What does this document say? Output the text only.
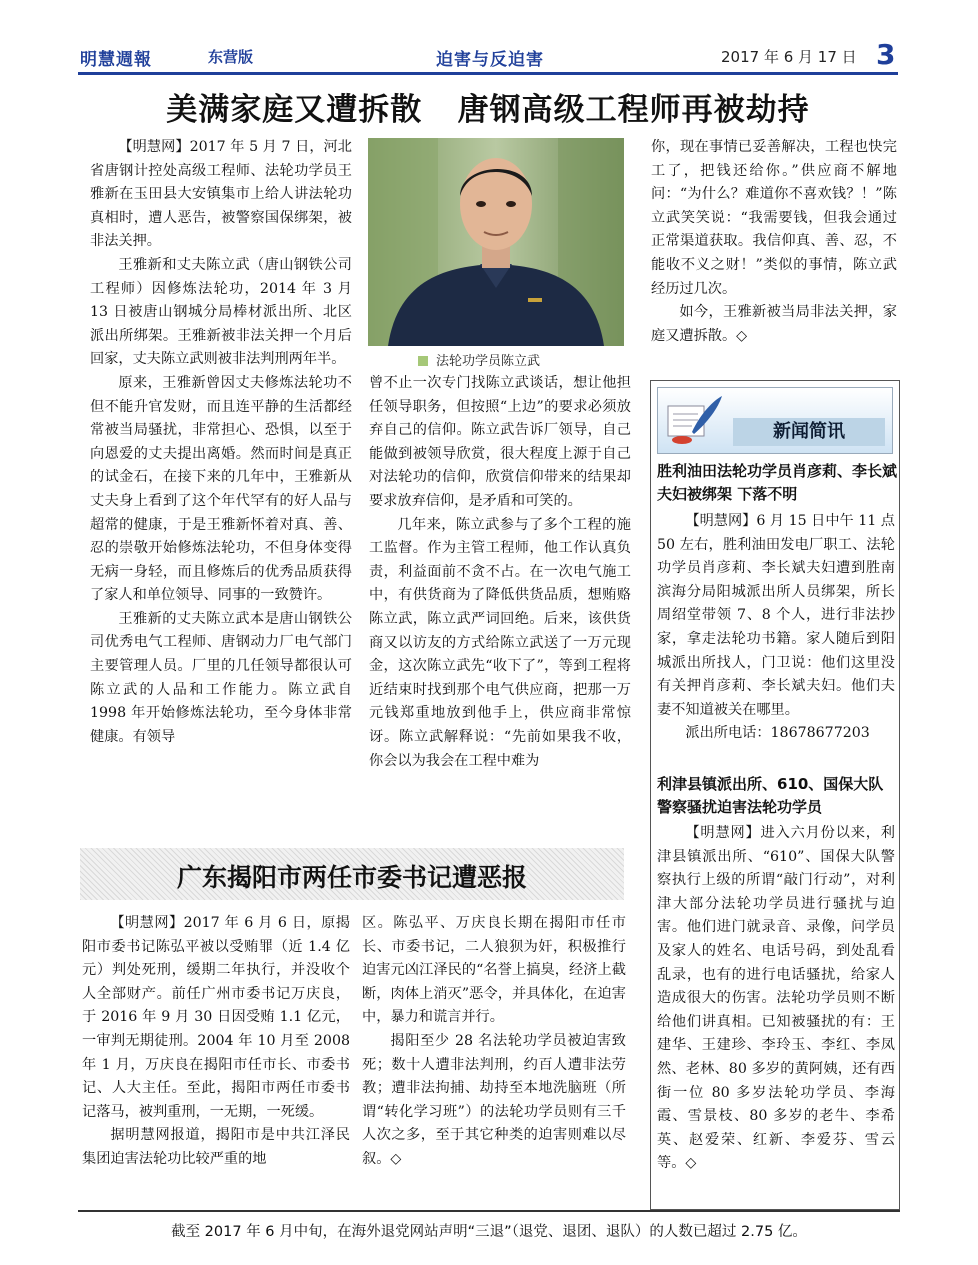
明慧週報	东营版	迫害与反迫害	2017 年 6 月 17 日 3
美满家庭又遭拆散   唐钢高级工程师再被劫持

【明慧网】2017 年 5 月 7 日，河北省唐钢计控处高级工程师、法轮功学员王雅新在玉田县大安镇集市上给人讲法轮功真相时，遭人恶告，被警察国保绑架，被非法关押。

王雅新和丈夫陈立武（唐山钢铁公司工程师）因修炼法轮功，2014 年 3 月 13 日被唐山钢城分局棒材派出所、北区派出所绑架。王雅新被非法关押一个月后回家，丈夫陈立武则被非法判刑两年半。

原来，王雅新曾因丈夫修炼法轮功不但不能升官发财，而且连平静的生活都经常被当局骚扰，非常担心、恐惧，以至于向恩爱的丈夫提出离婚。然而时间是真正的试金石，在接下来的几年中，王雅新从丈夫身上看到了这个年代罕有的好人品与超常的健康，于是王雅新怀着对真、善、忍的崇敬开始修炼法轮功，不但身体变得无病一身轻，而且修炼后的优秀品质获得了家人和单位领导、同事的一致赞许。

王雅新的丈夫陈立武本是唐山钢铁公司优秀电气工程师、唐钢动力厂电气部门主要管理人员。厂里的几任领导都很认可陈立武的人品和工作能力。陈立武自 1998 年开始修炼法轮功，至今身体非常健康。有领导

法轮功学员陈立武

曾不止一次专门找陈立武谈话，想让他担任领导职务，但按照“上边”的要求必须放弃自己的信仰。陈立武告诉厂领导，自己能做到被领导欣赏，很大程度上源于自己对法轮功的信仰，欣赏信仰带来的结果却要求放弃信仰，是矛盾和可笑的。

几年来，陈立武参与了多个工程的施工监督。作为主管工程师，他工作认真负责，利益面前不贪不占。在一次电气施工中，有供货商为了降低供货品质，想贿赂陈立武，陈立武严词回绝。后来，该供货商又以访友的方式给陈立武送了一万元现金，这次陈立武先“收下了”，等到工程将近结束时找到那个电气供应商，把那一万元钱郑重地放到他手上，供应商非常惊讶。陈立武解释说：“先前如果我不收，你会以为我会在工程中难为

你，现在事情已妥善解决，工程也快完工了，把钱还给你。”供应商不解地问：“为什么？难道你不喜欢钱？！”陈立武笑笑说：“我需要钱，但我会通过正常渠道获取。我信仰真、善、忍，不能收不义之财！”类似的事情，陈立武经历过几次。

如今，王雅新被当局非法关押，家庭又遭拆散。◇

广东揭阳市两任市委书记遭恶报

【明慧网】2017 年 6 月 6 日，原揭阳市委书记陈弘平被以受贿罪（近 1.4 亿元）判处死刑，缓期二年执行，并没收个人全部财产。前任广州市委书记万庆良，于 2016 年 9 月 30 日因受贿 1.1 亿元，一审判无期徒刑。2004 年 10 月至 2008 年 1 月，万庆良在揭阳市任市长、市委书记、人大主任。至此，揭阳市两任市委书记落马，被判重刑，一无期，一死缓。

据明慧网报道，揭阳市是中共江泽民集团迫害法轮功比较严重的地

区。陈弘平、万庆良长期在揭阳市任市长、市委书记，二人狼狈为奸，积极推行迫害元凶江泽民的“名誉上搞臭，经济上截断，肉体上消灭”恶令，并具体化，在迫害中，暴力和谎言并行。

揭阳至少 28 名法轮功学员被迫害致死；数十人遭非法判刑，约百人遭非法劳教；遭非法拘捕、劫持至本地洗脑班（所谓“转化学习班”）的法轮功学员则有三千人次之多，至于其它种类的迫害则难以尽叙。◇

新闻简讯
胜利油田法轮功学员肖彦莉、李长斌夫妇被绑架 下落不明

【明慧网】6 月 15 日中午 11 点 50 左右，胜利油田发电厂职工、法轮功学员肖彦莉、李长斌夫妇遭到胜南滨海分局阳城派出所人员绑架，所长周绍堂带领 7、8 个人，进行非法抄家，拿走法轮功书籍。家人随后到阳城派出所找人，门卫说：他们这里没有关押肖彦莉、李长斌夫妇。他们夫妻不知道被关在哪里。

派出所电话：18678677203

利津县镇派出所、610、国保大队警察骚扰迫害法轮功学员

【明慧网】进入六月份以来，利津县镇派出所、“610”、国保大队警察执行上级的所谓“敲门行动”，对利津大部分法轮功学员进行骚扰与迫害。他们进门就录音、录像，问学员及家人的姓名、电话号码，到处乱看乱录，也有的进行电话骚扰，给家人造成很大的伤害。法轮功学员则不断给他们讲真相。已知被骚扰的有：王建华、王建珍、李玲玉、李红、李凤然、老林、80 多岁的黄阿姨，还有西街一位 80 多岁法轮功学员、李海霞、雪景枝、80 多岁的老牛、李希英、赵爱荣、红新、李爱芬、雪云等。◇

截至 2017 年 6 月中旬，在海外退党网站声明“三退”（退党、退团、退队）的人数已超过 2.75 亿。
